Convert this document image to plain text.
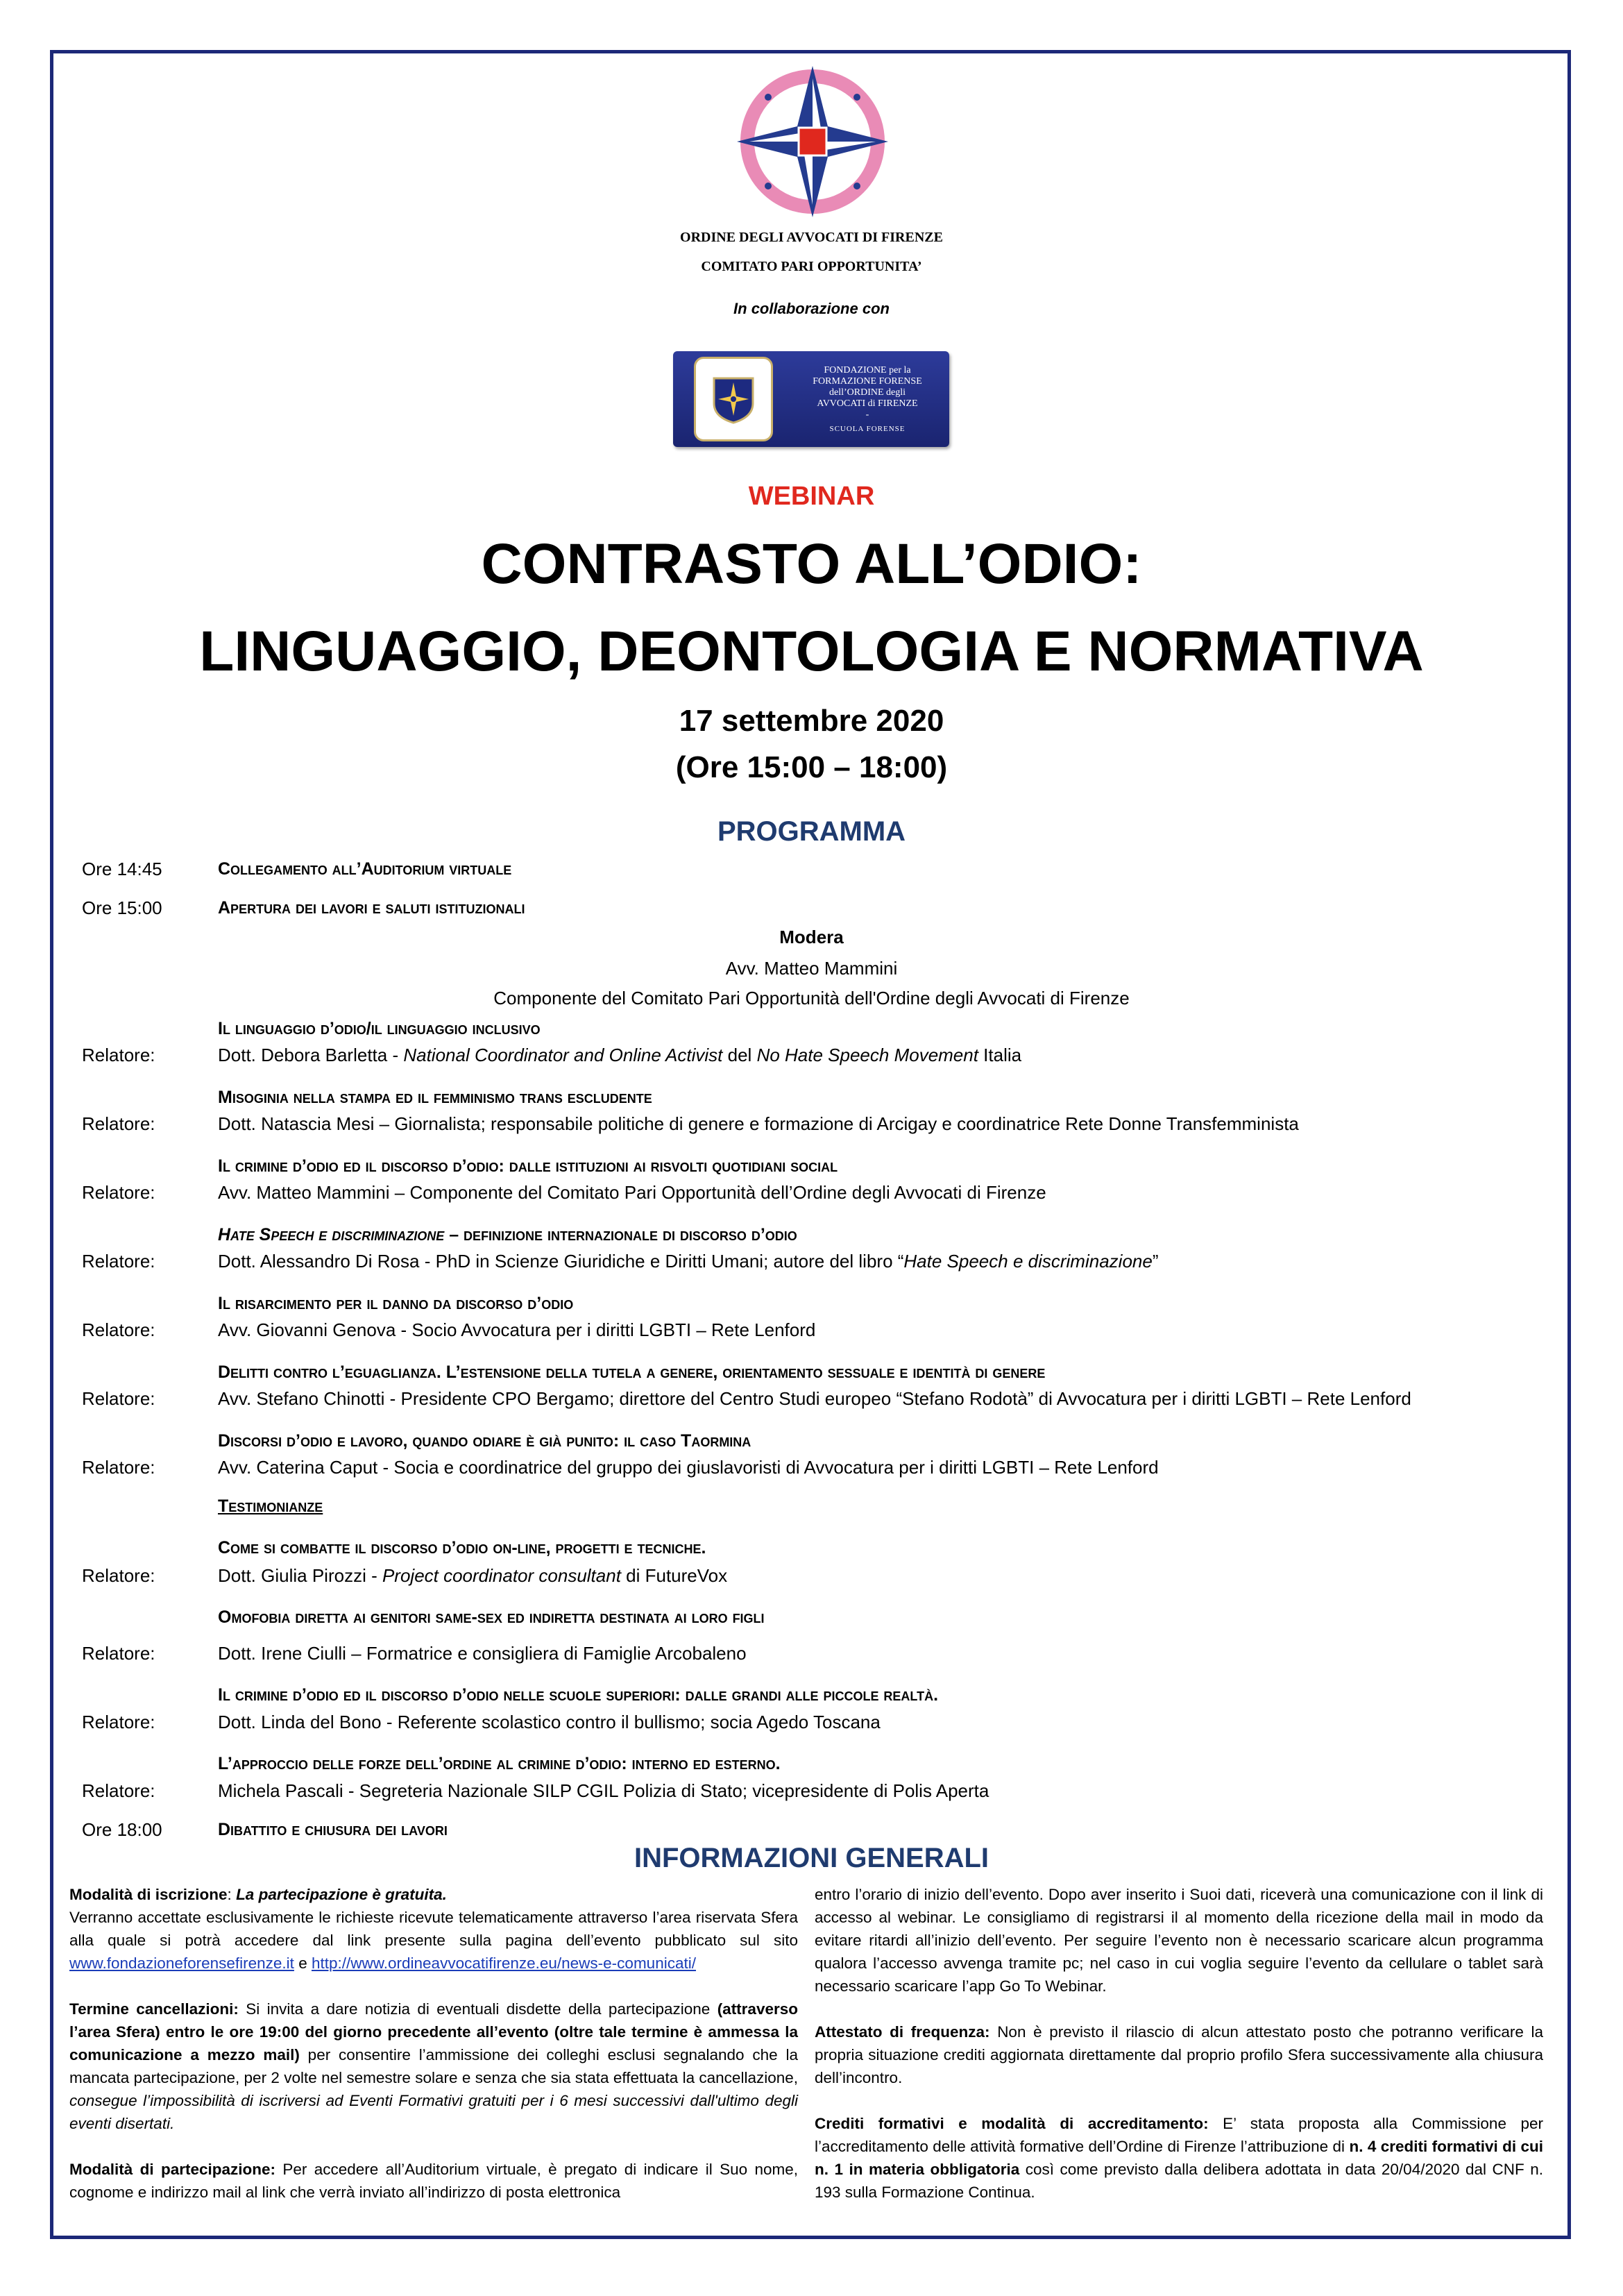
ORDINE DEGLI AVVOCATI DI FIRENZE
COMITATO PARI OPPORTUNITA’
In collaborazione con
FONDAZIONE per la
FORMAZIONE FORENSE
dell’ORDINE degli
AVVOCATI di FIRENZE
-
SCUOLA FORENSE
WEBINAR
CONTRASTO ALL’ODIO:
LINGUAGGIO, DEONTOLOGIA E NORMATIVA
17 settembre 2020
(Ore 15:00 – 18:00)
PROGRAMMA
Ore 14:45	Collegamento all’Auditorium virtuale
Ore 15:00	Apertura dei lavori e saluti istituzionali
Modera
Avv. Matteo Mammini
Componente del Comitato Pari Opportunità dell'Ordine degli Avvocati di Firenze
Il linguaggio d’odio/il linguaggio inclusivo
Relatore:	Dott. Debora Barletta - National Coordinator and Online Activist del No Hate Speech Movement Italia
Misoginia nella stampa ed il femminismo trans escludente
Relatore:	Dott. Natascia Mesi – Giornalista; responsabile politiche di genere e formazione di Arcigay e coordinatrice Rete Donne Transfemminista
Il crimine d’odio ed il discorso d’odio: dalle istituzioni ai risvolti quotidiani social
Relatore:	Avv. Matteo Mammini – Componente del Comitato Pari Opportunità dell’Ordine degli Avvocati di Firenze
Hate Speech e discriminazione – definizione internazionale di discorso d’odio
Relatore:	Dott. Alessandro Di Rosa - PhD in Scienze Giuridiche e Diritti Umani; autore del libro “Hate Speech e discriminazione”
Il risarcimento per il danno da discorso d’odio
Relatore:	Avv. Giovanni Genova - Socio Avvocatura per i diritti LGBTI – Rete Lenford
Delitti contro l’eguaglianza. L’estensione della tutela a genere, orientamento sessuale e identità di genere
Relatore:	Avv. Stefano Chinotti - Presidente CPO Bergamo; direttore del Centro Studi europeo “Stefano Rodotà” di Avvocatura per i diritti LGBTI – Rete Lenford
Discorsi d’odio e lavoro, quando odiare è già punito: il caso Taormina
Relatore:	Avv. Caterina Caput - Socia e coordinatrice del gruppo dei giuslavoristi di Avvocatura per i diritti LGBTI – Rete Lenford
Testimonianze
Come si combatte il discorso d’odio on-line, progetti e tecniche.
Relatore:	Dott. Giulia Pirozzi - Project coordinator consultant di FutureVox
Omofobia diretta ai genitori same-sex ed indiretta destinata ai loro figli
Relatore:	Dott. Irene Ciulli – Formatrice e consigliera di Famiglie Arcobaleno
Il crimine d’odio ed il discorso d’odio nelle scuole superiori: dalle grandi alle piccole realtà.
Relatore:	Dott. Linda del Bono - Referente scolastico contro il bullismo; socia Agedo Toscana
L’approccio delle forze dell’ordine al crimine d’odio: interno ed esterno.
Relatore:	Michela Pascali - Segreteria Nazionale SILP CGIL Polizia di Stato; vicepresidente di Polis Aperta
Ore 18:00	Dibattito e chiusura dei lavori
INFORMAZIONI GENERALI

Modalità di iscrizione: La partecipazione è gratuita.

Verranno accettate esclusivamente le richieste ricevute telematicamente attraverso l’area riservata Sfera alla quale si potrà accedere dal link presente sulla pagina dell’evento pubblicato sul sito www.fondazioneforensefirenze.it e http://www.ordineavvocatifirenze.eu/news-e-comunicati/

Termine cancellazioni: Si invita a dare notizia di eventuali disdette della partecipazione (attraverso l’area Sfera) entro le ore 19:00 del giorno precedente all’evento (oltre tale termine è ammessa la comunicazione a mezzo mail) per consentire l’ammissione dei colleghi esclusi segnalando che la mancata partecipazione, per 2 volte nel semestre solare e senza che sia stata effettuata la cancellazione, consegue l’impossibilità di iscriversi ad Eventi Formativi gratuiti per i 6 mesi successivi dall'ultimo degli eventi disertati.

Modalità di partecipazione: Per accedere all’Auditorium virtuale, è pregato di indicare il Suo nome, cognome e indirizzo mail al link che verrà inviato all’indirizzo di posta elettronica

entro l’orario di inizio dell’evento. Dopo aver inserito i Suoi dati, riceverà una comunicazione con il link di accesso al webinar. Le consigliamo di registrarsi il al momento della ricezione della mail in modo da evitare ritardi all’inizio dell’evento. Per seguire l’evento non è necessario scaricare alcun programma qualora l’accesso avvenga tramite pc; nel caso in cui voglia seguire l’evento da cellulare o tablet sarà necessario scaricare l’app Go To Webinar.

Attestato di frequenza: Non è previsto il rilascio di alcun attestato posto che potranno verificare la propria situazione crediti aggiornata direttamente dal proprio profilo Sfera successivamente alla chiusura dell’incontro.

Crediti formativi e modalità di accreditamento: E’ stata proposta alla Commissione per l’accreditamento delle attività formative dell’Ordine di Firenze l’attribuzione di n. 4 crediti formativi di cui n. 1 in materia obbligatoria così come previsto dalla delibera adottata in data 20/04/2020 dal CNF n. 193 sulla Formazione Continua.
